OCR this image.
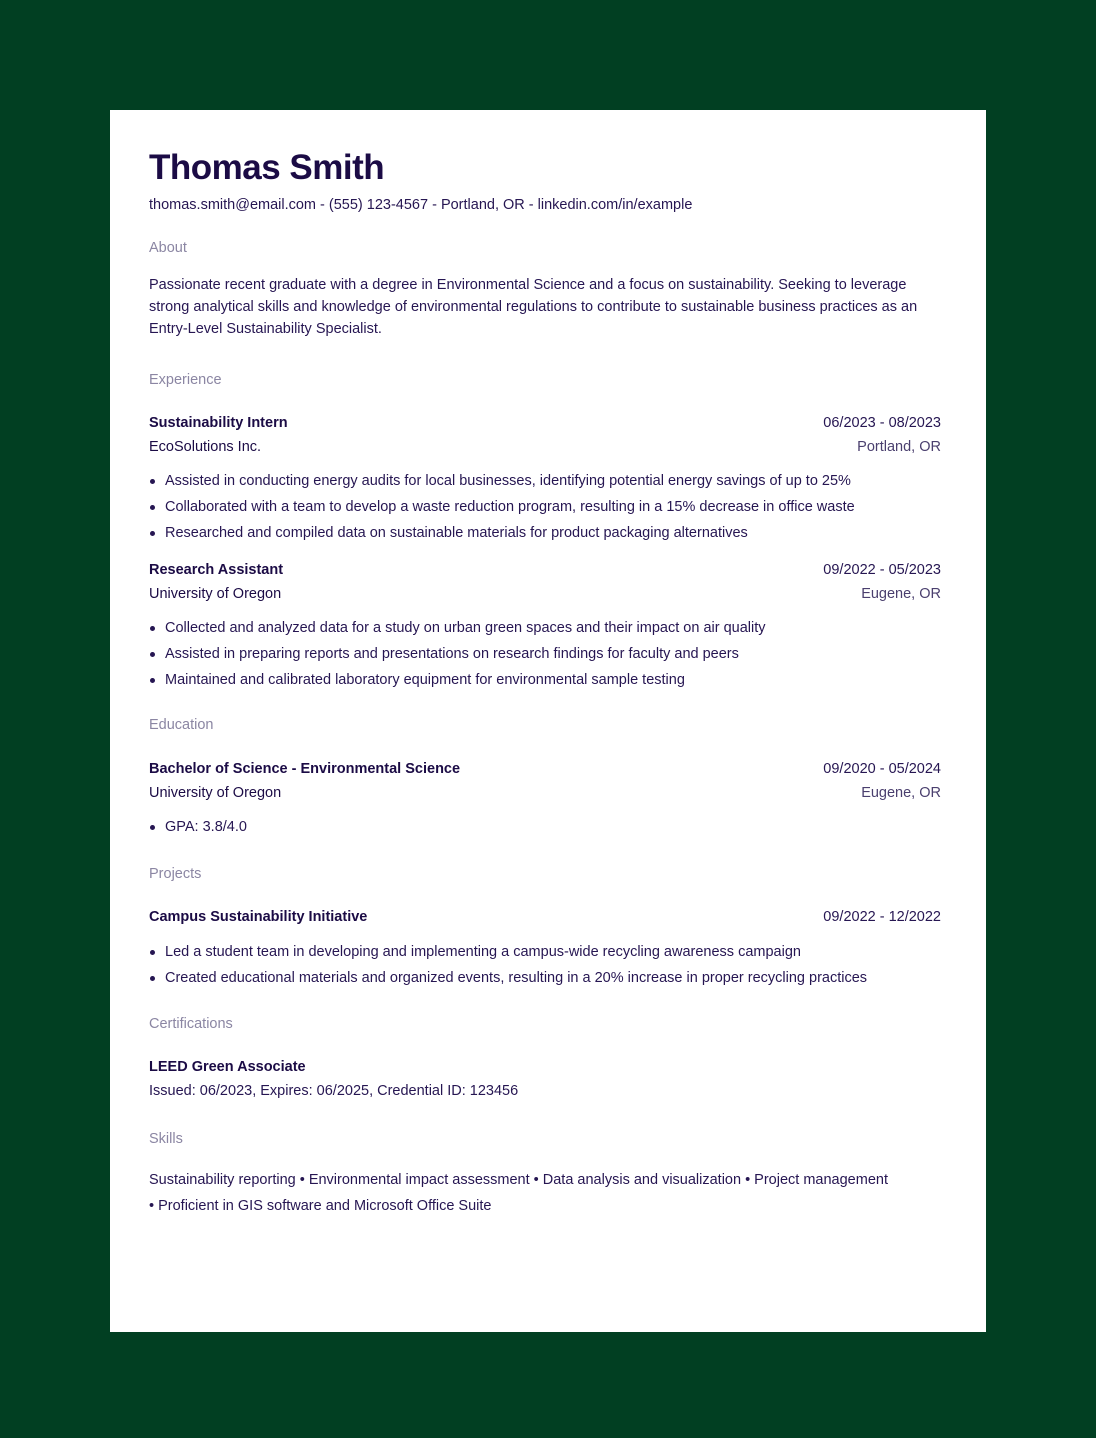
Thomas Smith
thomas.smith@email.com - (555) 123-4567 - Portland, OR - linkedin.com/in/example
About

Passionate recent graduate with a degree in Environmental Science and a focus on sustainability. Seeking to leverage strong analytical skills and knowledge of environmental regulations to contribute to sustainable business practices as an Entry-Level Sustainability Specialist.

Experience
Sustainability Intern	06/2023 - 08/2023
EcoSolutions Inc.	Portland, OR
Assisted in conducting energy audits for local businesses, identifying potential energy savings of up to 25%
Collaborated with a team to develop a waste reduction program, resulting in a 15% decrease in office waste
Researched and compiled data on sustainable materials for product packaging alternatives
Research Assistant	09/2022 - 05/2023
University of Oregon	Eugene, OR
Collected and analyzed data for a study on urban green spaces and their impact on air quality
Assisted in preparing reports and presentations on research findings for faculty and peers
Maintained and calibrated laboratory equipment for environmental sample testing
Education
Bachelor of Science - Environmental Science	09/2020 - 05/2024
University of Oregon	Eugene, OR
GPA: 3.8/4.0
Projects
Campus Sustainability Initiative	09/2022 - 12/2022
Led a student team in developing and implementing a campus-wide recycling awareness campaign
Created educational materials and organized events, resulting in a 20% increase in proper recycling practices
Certifications
LEED Green Associate
Issued: 06/2023, Expires: 06/2025, Credential ID: 123456
Skills

Sustainability reporting • Environmental impact assessment • Data analysis and visualization • Project management • Proficient in GIS software and Microsoft Office Suite
